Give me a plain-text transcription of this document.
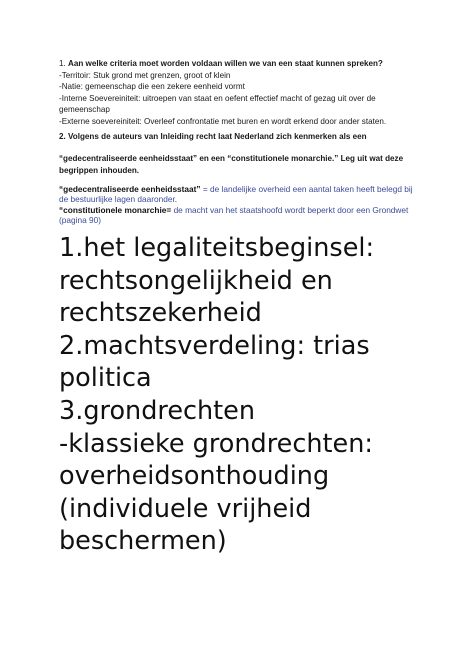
1. Aan welke criteria moet worden voldaan willen we van een staat kunnen spreken?

-Territoir: Stuk grond met grenzen, groot of klein

-Natie: gemeenschap die een zekere eenheid vormt

-Interne Soevereiniteit: uitroepen van staat en oefent effectief macht of gezag uit over de

gemeenschap

-Externe soevereiniteit: Overleef confrontatie met buren en wordt erkend door ander staten.

2. Volgens de auteurs van Inleiding recht laat Nederland zich kenmerken als een

“gedecentraliseerde eenheidsstaat” en een “constitutionele monarchie.” Leg uit wat deze

begrippen inhouden.

“gedecentraliseerde eenheidsstaat” = de landelijke overheid een aantal taken heeft belegd bij

de bestuurlijke lagen daaronder.

“constitutionele monarchie= de macht van het staatshoofd wordt beperkt door een Grondwet

(pagina 90)

1.het legaliteitsbeginsel:

rechtsongelijkheid en

rechtszekerheid

2.machtsverdeling: trias

politica

3.grondrechten

-klassieke grondrechten:

overheidsonthouding

(individuele vrijheid

beschermen)
